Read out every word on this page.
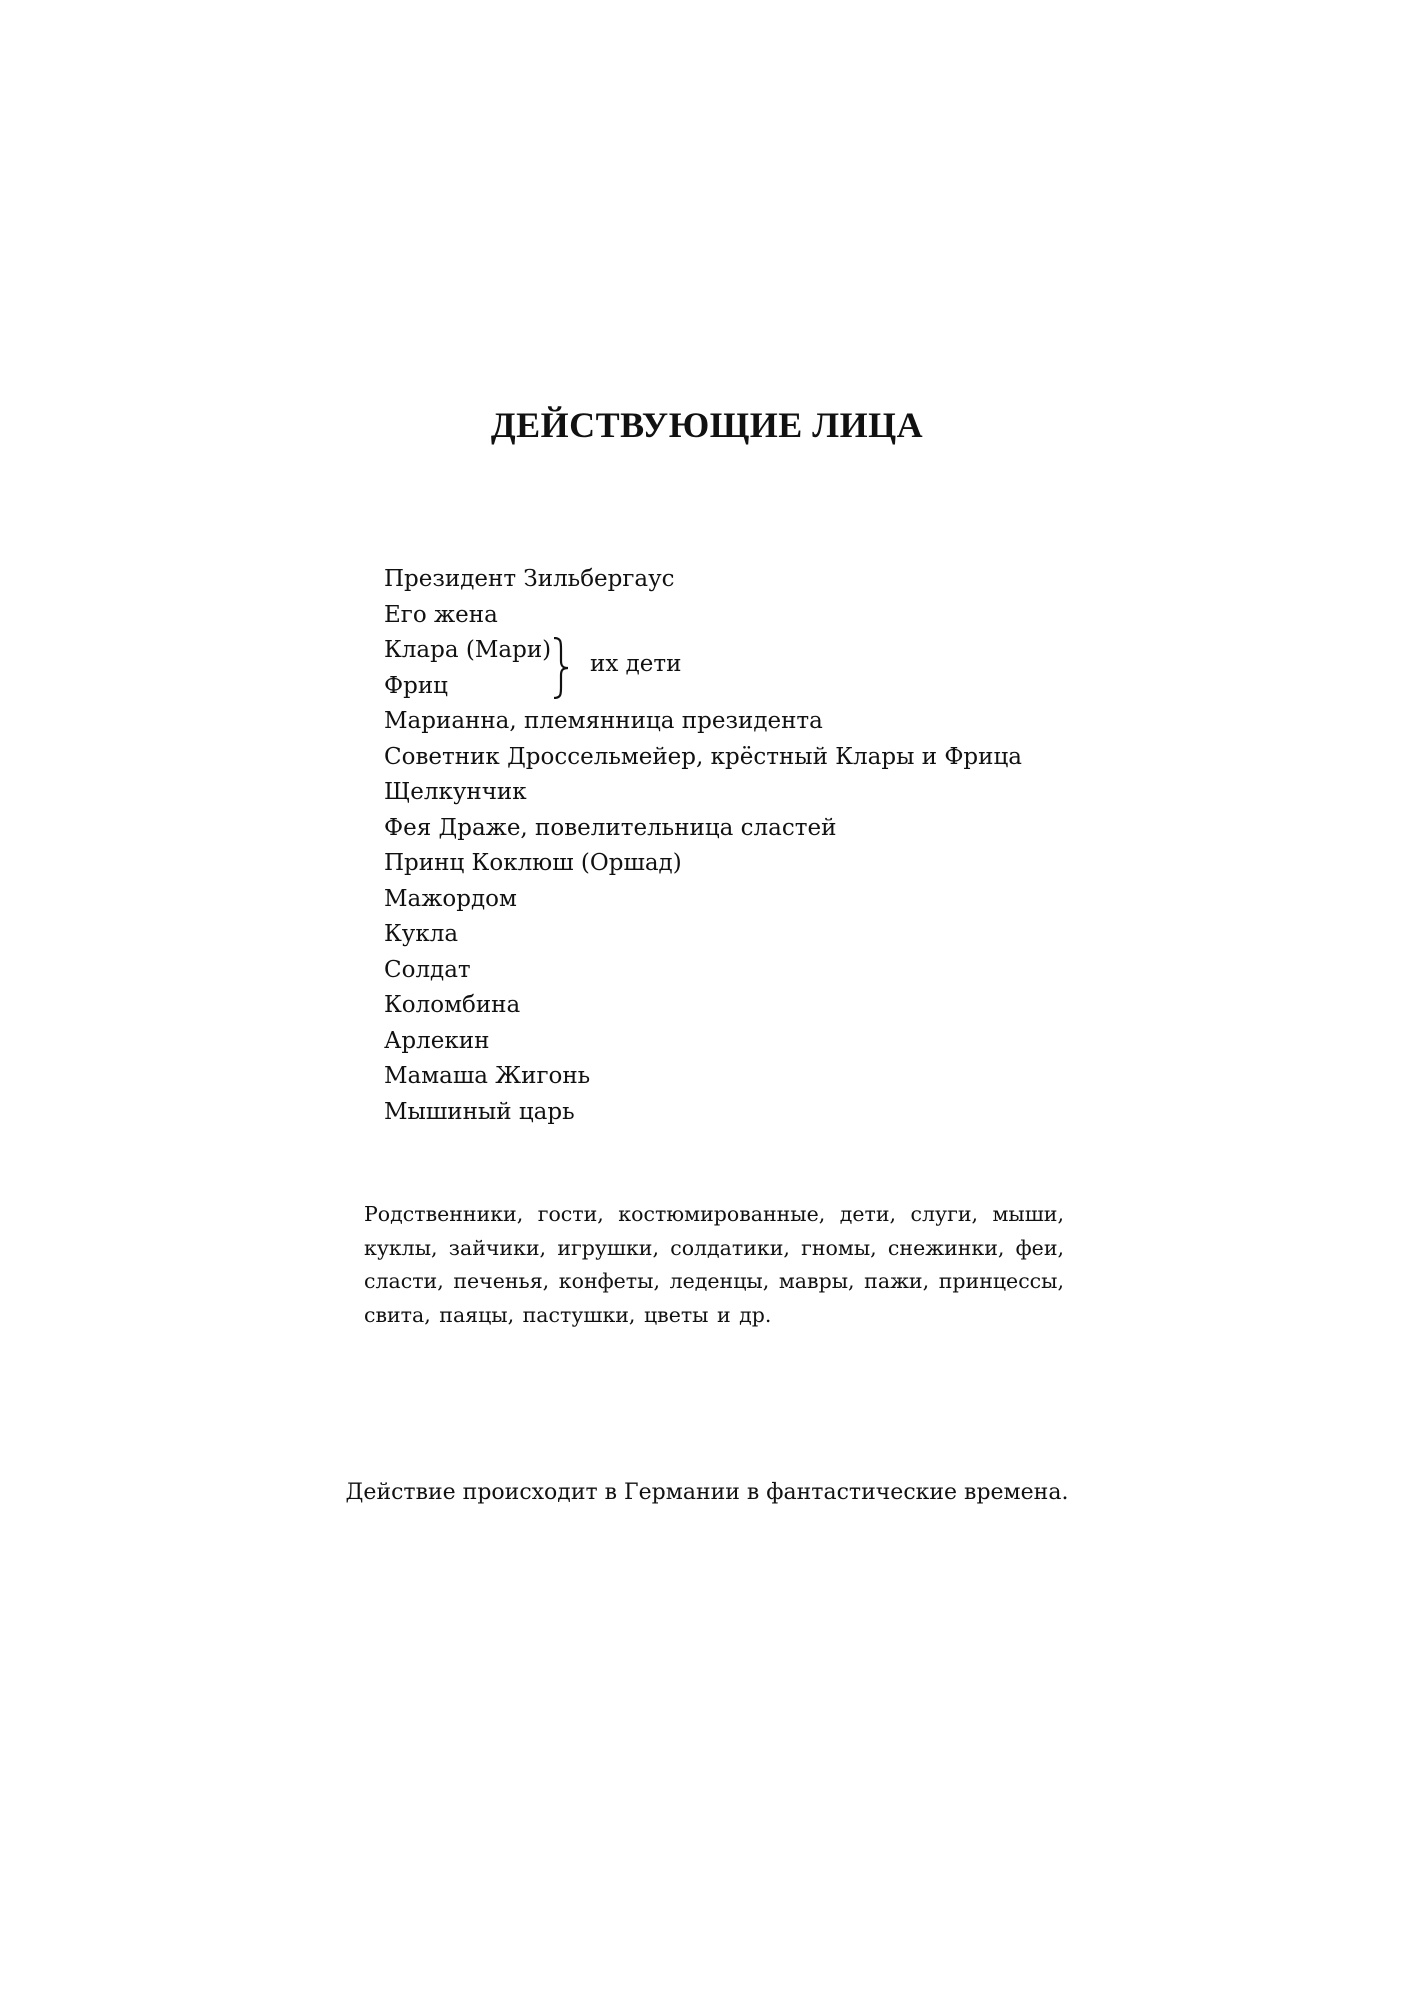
ДЕЙСТВУЮЩИЕ ЛИЦА
Президент Зильбергаус
Его жена
Клара (Мари)
Фриц
их дети
Марианна, племянница президента
Советник Дроссельмейер, крёстный Клары и Фрица
Щелкунчик
Фея Драже, повелительница сластей
Принц Коклюш (Оршад)
Мажордом
Кукла
Солдат
Коломбина
Арлекин
Мамаша Жигонь
Мышиный царь
Родственники, гости, костюмированные, дети, слуги, мыши, куклы, зайчики, игрушки, солдатики, гномы, снежинки, феи, сласти, печенья, конфеты, леденцы, мавры, пажи, принцессы, свита, паяцы, пастушки, цветы и др.
Действие происходит в Германии в фантастические времена.
